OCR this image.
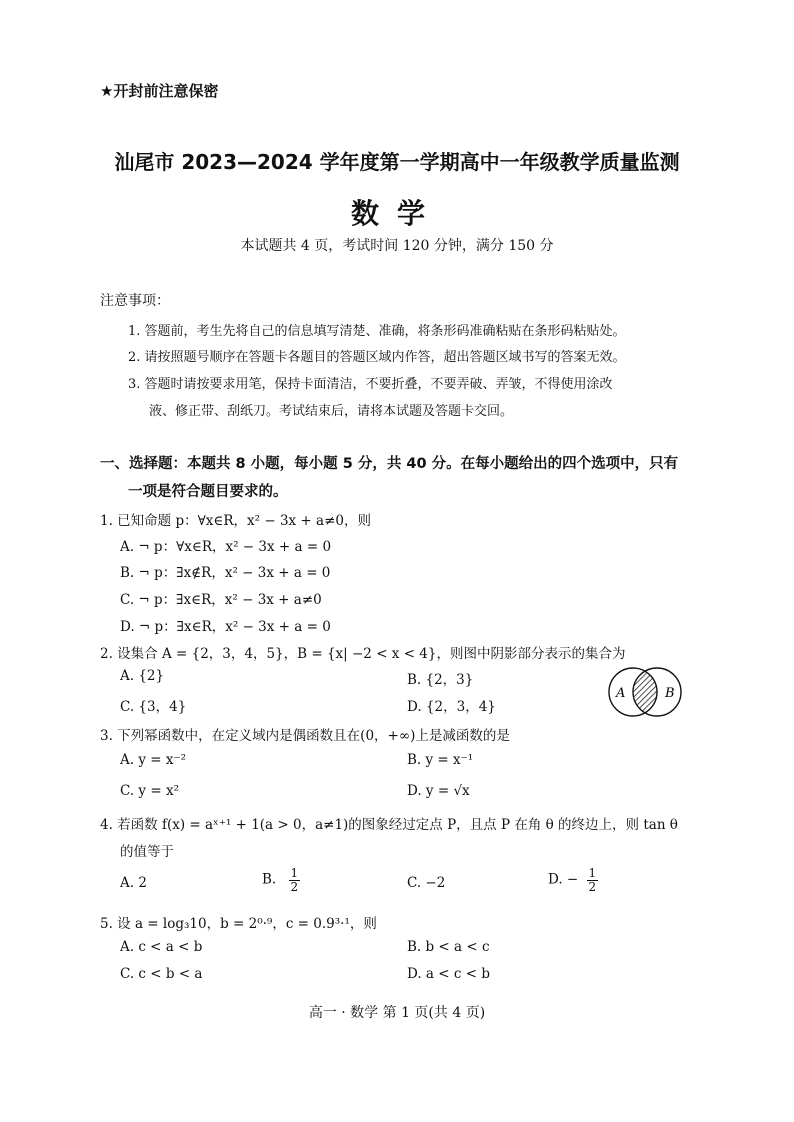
★开封前注意保密
汕尾市 2023—2024 学年度第一学期高中一年级教学质量监测
数学
本试题共 4 页，考试时间 120 分钟，满分 150 分
注意事项：
1. 答题前，考生先将自己的信息填写清楚、准确，将条形码准确粘贴在条形码粘贴处。
2. 请按照题号顺序在答题卡各题目的答题区域内作答，超出答题区域书写的答案无效。
3. 答题时请按要求用笔，保持卡面清洁，不要折叠，不要弄破、弄皱，不得使用涂改
液、修正带、刮纸刀。考试结束后，请将本试题及答题卡交回。
一、选择题：本题共 8 小题，每小题 5 分，共 40 分。在每小题给出的四个选项中，只有
一项是符合题目要求的。
1. 已知命题 p：∀x∈R，x² − 3x + a≠0，则
A. ¬ p：∀x∈R，x² − 3x + a = 0
B. ¬ p：∃x∉R，x² − 3x + a = 0
C. ¬ p：∃x∈R，x² − 3x + a≠0
D. ¬ p：∃x∈R，x² − 3x + a = 0
2. 设集合 A = {2，3，4，5}，B = {x| −2 < x < 4}，则图中阴影部分表示的集合为
A. {2}	B. {2，3}
C. {3，4}	D. {2，3，4}
A	B
3. 下列幂函数中，在定义域内是偶函数且在(0，+∞)上是减函数的是
A. y = x⁻²	B. y = x⁻¹
C. y = x²	D. y = √x
4. 若函数 f(x) = aˣ⁺¹ + 1(a > 0，a≠1)的图象经过定点 P，且点 P 在角 θ 的终边上，则 tan θ
的值等于
A. 2	B. $\frac{1}{2}$	C. −2	D. − $\frac{1}{2}$
5. 设 a = log₃10，b = 2⁰·⁹，c = 0.9³·¹，则
A. c < a < b	B. b < a < c
C. c < b < a	D. a < c < b
高一 · 数学 第 1 页(共 4 页)
